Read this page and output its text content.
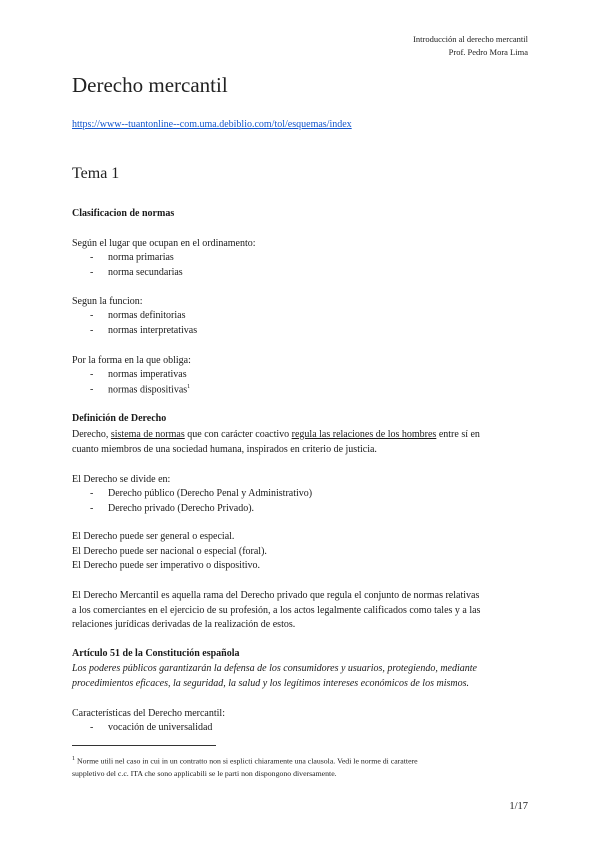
Introducción al derecho mercantil
Prof. Pedro Mora Lima
Derecho mercantil
https://www--tuantonline--com.uma.debiblio.com/tol/esquemas/index
Tema 1
Clasificacion de normas
Según el lugar que ocupan en el ordinamento:
- norma primarias
- norma secundarias
Segun la funcion:
- normas definitorias
- normas interpretativas
Por la forma en la que obliga:
- normas imperativas
- normas dispositivas$^1$
Definición de Derecho
Derecho, sistema de normas que con carácter coactivo regula las relaciones de los hombres entre sí en
cuanto miembros de una sociedad humana, inspirados en criterio de justicia.
El Derecho se divide en:
- Derecho público (Derecho Penal y Administrativo)
- Derecho privado (Derecho Privado).
El Derecho puede ser general o especial.
El Derecho puede ser nacional o especial (foral).
El Derecho puede ser imperativo o dispositivo.
El Derecho Mercantil es aquella rama del Derecho privado que regula el conjunto de normas relativas
a los comerciantes en el ejercicio de su profesión, a los actos legalmente calificados como tales y a las
relaciones jurídicas derivadas de la realización de estos.
Artículo 51 de la Constitución española
Los poderes públicos garantizarán la defensa de los consumidores y usuarios, protegiendo, mediante
procedimientos eficaces, la seguridad, la salud y los legítimos intereses económicos de los mismos.
Características del Derecho mercantil:
- vocación de universalidad
$^1$ Norme utili nel caso in cui in un contratto non si esplicti chiaramente una clausola. Vedi le norme di carattere
suppletivo del c.c. ITA che sono applicabili se le parti non dispongono diversamente.
1/17
